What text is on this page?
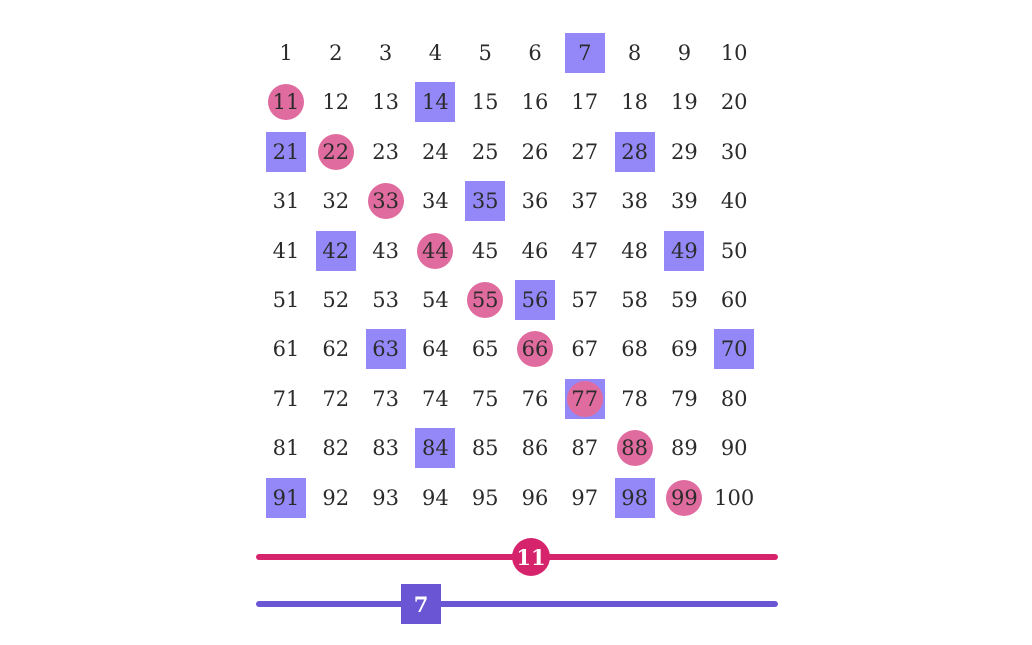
1 2 3 4 5 6 7 8 9 10
11 12 13 14 15 16 17 18 19 20
21 22 23 24 25 26 27 28 29 30
31 32 33 34 35 36 37 38 39 40
41 42 43 44 45 46 47 48 49 50
51 52 53 54 55 56 57 58 59 60
61 62 63 64 65 66 67 68 69 70
71 72 73 74 75 76 77 78 79 80
81 82 83 84 85 86 87 88 89 90
91 92 93 94 95 96 97 98 99 100
11
7
